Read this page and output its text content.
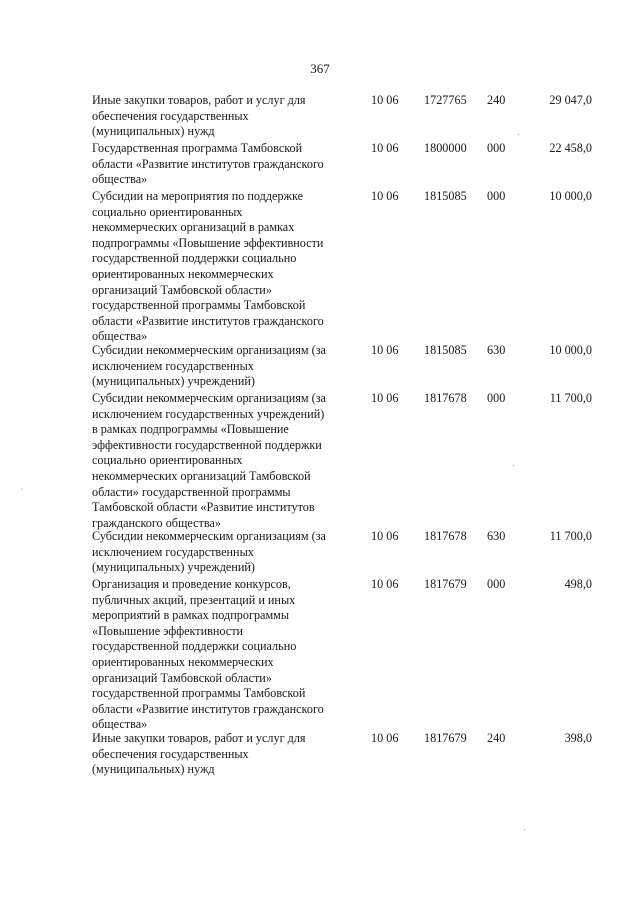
367
Иные закупки товаров, работ и услуг для
обеспечения государственных
(муниципальных) нужд
10 06 1727765 240	29 047,0
Государственная программа Тамбовской
области «Развитие институтов гражданского
общества»
10 06 1800000 000	22 458,0
Субсидии на мероприятия по поддержке
социально ориентированных
некоммерческих организаций в рамках
подпрограммы «Повышение эффективности
государственной поддержки социально
ориентированных некоммерческих
организаций Тамбовской области»
государственной программы Тамбовской
области «Развитие институтов гражданского
общества»
10 06 1815085 000	10 000,0
Субсидии некоммерческим организациям (за
исключением государственных
(муниципальных) учреждений)
10 06 1815085 630	10 000,0
Субсидии некоммерческим организациям (за
исключением государственных учреждений)
в рамках подпрограммы «Повышение
эффективности государственной поддержки
социально ориентированных
некоммерческих организаций Тамбовской
области» государственной программы
Тамбовской области «Развитие институтов
гражданского общества»
10 06 1817678 000	11 700,0
Субсидии некоммерческим организациям (за
исключением государственных
(муниципальных) учреждений)
10 06 1817678 630	11 700,0
Организация и проведение конкурсов,
публичных акций, презентаций и иных
мероприятий в рамках подпрограммы
«Повышение эффективности
государственной поддержки социально
ориентированных некоммерческих
организаций Тамбовской области»
государственной программы Тамбовской
области «Развитие институтов гражданского
общества»
10 06 1817679 000	498,0
Иные закупки товаров, работ и услуг для
обеспечения государственных
(муниципальных) нужд
10 06 1817679 240	398,0
